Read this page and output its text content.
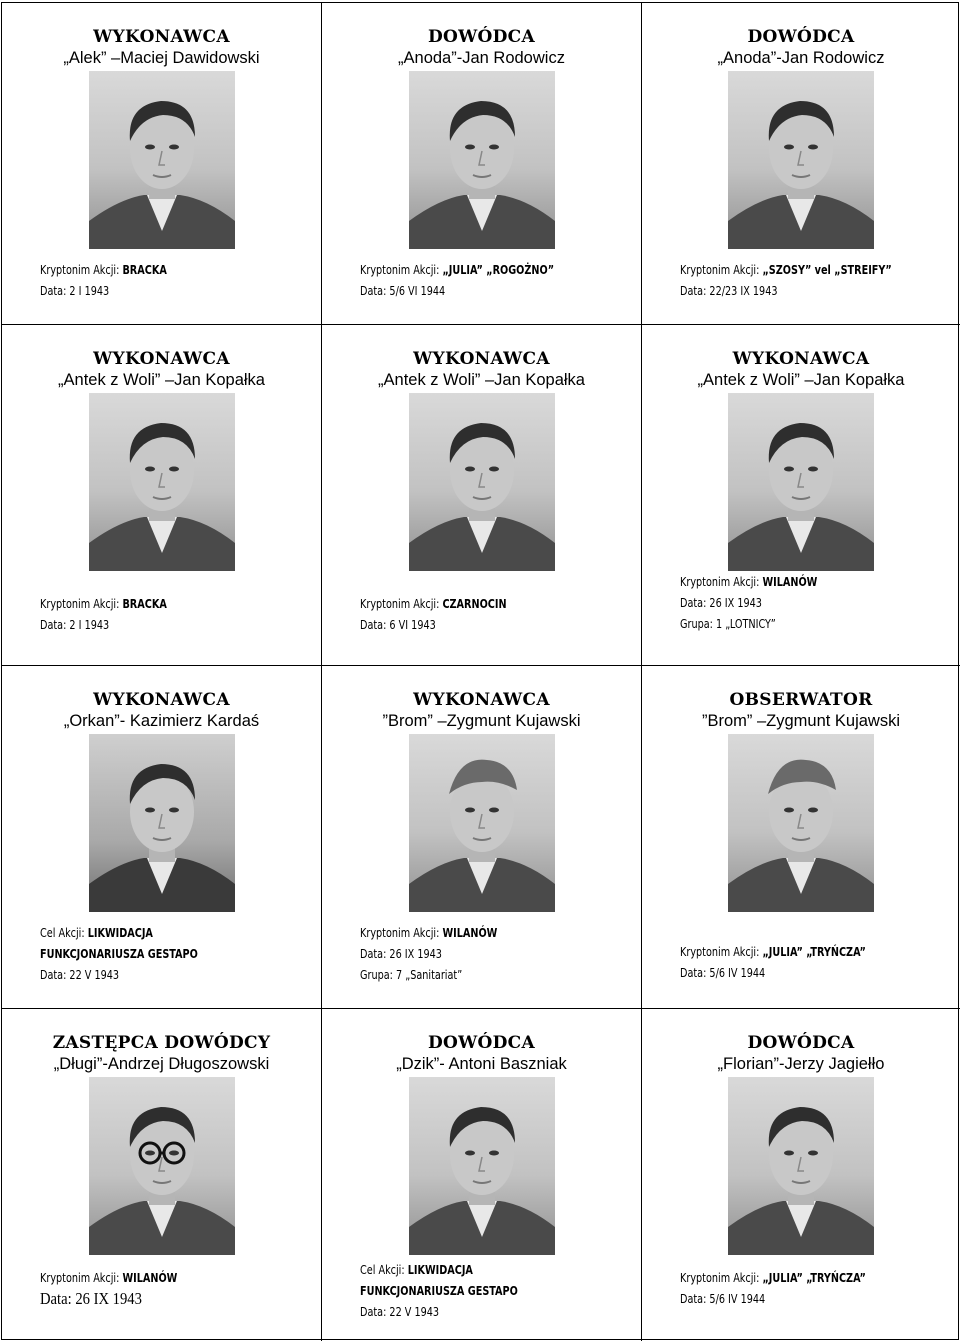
WYKONAWCA
„Alek” –Maciej Dawidowski
Kryptonim Akcji: BRACKA
Data: 2 I 1943
DOWÓDCA
„Anoda”-Jan Rodowicz
Kryptonim Akcji: „JULIA” „ROGOŻNO”
Data: 5/6 VI 1944
DOWÓDCA
„Anoda”-Jan Rodowicz
Kryptonim Akcji: „SZOSY” vel „STREIFY”
Data: 22/23 IX 1943
WYKONAWCA
„Antek z Woli” –Jan Kopałka
Kryptonim Akcji: BRACKA
Data: 2 I 1943
WYKONAWCA
„Antek z Woli” –Jan Kopałka
Kryptonim Akcji: CZARNOCIN
Data: 6 VI 1943
WYKONAWCA
„Antek z Woli” –Jan Kopałka
Kryptonim Akcji: WILANÓW
Data: 26 IX 1943
Grupa: 1 „LOTNICY”
WYKONAWCA
„Orkan”- Kazimierz Kardaś
Cel Akcji: LIKWIDACJA
FUNKCJONARIUSZA GESTAPO
Data: 22 V 1943
WYKONAWCA
”Brom” –Zygmunt Kujawski
Kryptonim Akcji: WILANÓW
Data: 26 IX 1943
Grupa: 7 „Sanitariat”
OBSERWATOR
”Brom” –Zygmunt Kujawski
Kryptonim Akcji: „JULIA” „TRYŃCZA”
Data: 5/6 IV 1944
ZASTĘPCA DOWÓDCY
„Długi”-Andrzej Długoszowski
Kryptonim Akcji: WILANÓW
Data: 26 IX 1943
DOWÓDCA
„Dzik”- Antoni Baszniak
Cel Akcji: LIKWIDACJA
FUNKCJONARIUSZA GESTAPO
Data: 22 V 1943
DOWÓDCA
„Florian”-Jerzy Jagiełło
Kryptonim Akcji: „JULIA” „TRYŃCZA”
Data: 5/6 IV 1944
